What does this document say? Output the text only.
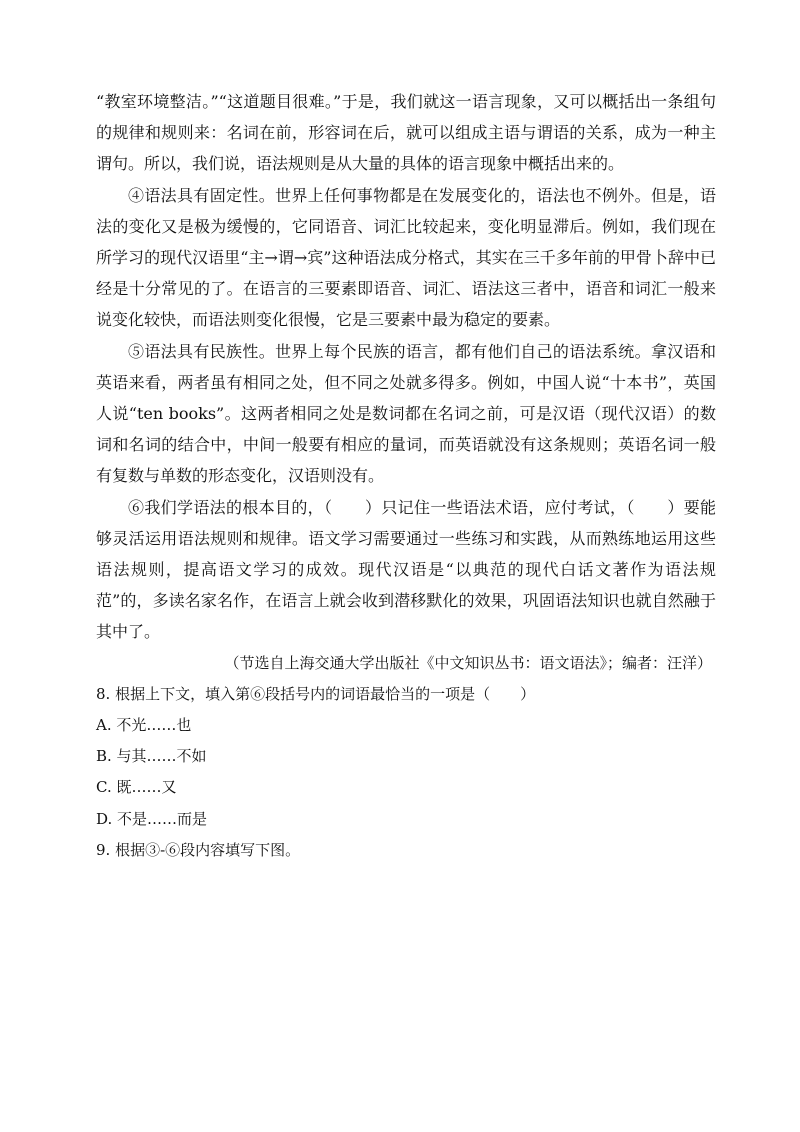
“教室环境整洁。”“这道题目很难。”于是，我们就这一语言现象，又可以概括出一条组句的规律和规则来：名词在前，形容词在后，就可以组成主语与谓语的关系，成为一种主谓句。所以，我们说，语法规则是从大量的具体的语言现象中概括出来的。

④语法具有固定性。世界上任何事物都是在发展变化的，语法也不例外。但是，语法的变化又是极为缓慢的，它同语音、词汇比较起来，变化明显滞后。例如，我们现在所学习的现代汉语里“主→谓→宾”这种语法成分格式，其实在三千多年前的甲骨卜辞中已经是十分常见的了。在语言的三要素即语音、词汇、语法这三者中，语音和词汇一般来说变化较快，而语法则变化很慢，它是三要素中最为稳定的要素。

⑤语法具有民族性。世界上每个民族的语言，都有他们自己的语法系统。拿汉语和英语来看，两者虽有相同之处，但不同之处就多得多。例如，中国人说“十本书”，英国人说“ten books”。这两者相同之处是数词都在名词之前，可是汉语（现代汉语）的数词和名词的结合中，中间一般要有相应的量词，而英语就没有这条规则；英语名词一般有复数与单数的形态变化，汉语则没有。

⑥我们学语法的根本目的，（　　）只记住一些语法术语，应付考试，（　　）要能够灵活运用语法规则和规律。语文学习需要通过一些练习和实践，从而熟练地运用这些语法规则，提高语文学习的成效。现代汉语是“以典范的现代白话文著作为语法规范”的，多读名家名作，在语言上就会收到潜移默化的效果，巩固语法知识也就自然融于其中了。

（节选自上海交通大学出版社《中文知识丛书：语文语法》；编者：汪洋）

8. 根据上下文，填入第⑥段括号内的词语最恰当的一项是（　　）

A. 不光……也

B. 与其……不如

C. 既……又

D. 不是……而是

9. 根据③-⑥段内容填写下图。
